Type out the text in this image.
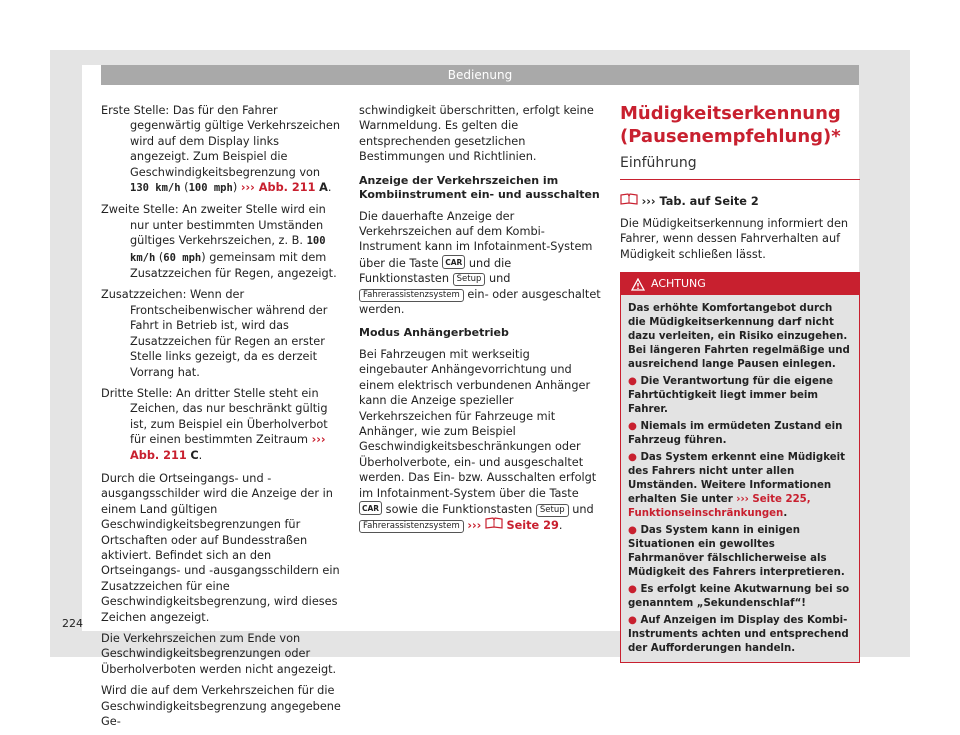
Bedienung

Erste Stelle: Das für den Fahrer gegenwärtig gültige Verkehrszeichen wird auf dem Display links angezeigt. Zum Beispiel die Geschwindigkeitsbegrenzung von 130 km/h (100 mph) ››› Abb. 211 A.

Zweite Stelle: An zweiter Stelle wird ein nur unter bestimmten Umständen gültiges Verkehrszeichen, z. B. 100 km/h (60 mph) gemeinsam mit dem Zusatzzeichen für Regen, angezeigt.

Zusatzzeichen: Wenn der Frontscheibenwischer während der Fahrt in Betrieb ist, wird das Zusatzzeichen für Regen an erster Stelle links gezeigt, da es derzeit Vorrang hat.

Dritte Stelle: An dritter Stelle steht ein Zeichen, das nur beschränkt gültig ist, zum Beispiel ein Überholverbot für einen bestimmten Zeitraum ››› Abb. 211 C.

Durch die Ortseingangs- und -ausgangsschilder wird die Anzeige der in einem Land gültigen Geschwindigkeitsbegrenzungen für Ortschaften oder auf Bundesstraßen aktiviert. Befindet sich an den Ortseingangs- und -ausgangsschildern ein Zusatzzeichen für eine Geschwindigkeitsbegrenzung, wird dieses Zeichen angezeigt.

Die Verkehrszeichen zum Ende von Geschwindigkeitsbegrenzungen oder Überholverboten werden nicht angezeigt.

Wird die auf dem Verkehrszeichen für die Geschwindigkeitsbegrenzung angegebene Ge-

schwindigkeit überschritten, erfolgt keine Warnmeldung. Es gelten die entsprechenden gesetzlichen Bestimmungen und Richtlinien.

Anzeige der Verkehrszeichen im Kombiinstrument ein- und ausschalten

Die dauerhafte Anzeige der Verkehrszeichen auf dem Kombi-Instrument kann im Infotainment-System über die Taste CAR und die Funktionstasten Setup und Fahrerassistenzsystem ein- oder ausgeschaltet werden.

Modus Anhängerbetrieb

Bei Fahrzeugen mit werkseitig eingebauter Anhängevorrichtung und einem elektrisch verbundenen Anhänger kann die Anzeige spezieller Verkehrszeichen für Fahrzeuge mit Anhänger, wie zum Beispiel Geschwindigkeitsbeschränkungen oder Überholverbote, ein- und ausgeschaltet werden. Das Ein- bzw. Ausschalten erfolgt im Infotainment-System über die Taste CAR sowie die Funktionstasten Setup und Fahrerassistenzsystem ››› Seite 29.

Müdigkeitserkennung (Pausenempfehlung)*
Einführung

››› Tab. auf Seite 2

Die Müdigkeitserkennung informiert den Fahrer, wenn dessen Fahrverhalten auf Müdigkeit schließen lässt.

ACHTUNG

Das erhöhte Komfortangebot durch die Müdigkeitserkennung darf nicht dazu verleiten, ein Risiko einzugehen. Bei längeren Fahrten regelmäßige und ausreichend lange Pausen einlegen.

● Die Verantwortung für die eigene Fahrtüchtigkeit liegt immer beim Fahrer.

● Niemals im ermüdeten Zustand ein Fahrzeug führen.

● Das System erkennt eine Müdigkeit des Fahrers nicht unter allen Umständen. Weitere Informationen erhalten Sie unter ››› Seite 225, Funktionseinschränkungen.

● Das System kann in einigen Situationen ein gewolltes Fahrmanöver fälschlicherweise als Müdigkeit des Fahrers interpretieren.

● Es erfolgt keine Akutwarnung bei so genanntem „Sekundenschlaf“!

● Auf Anzeigen im Display des Kombi-Instruments achten und entsprechend der Aufforderungen handeln.

224
